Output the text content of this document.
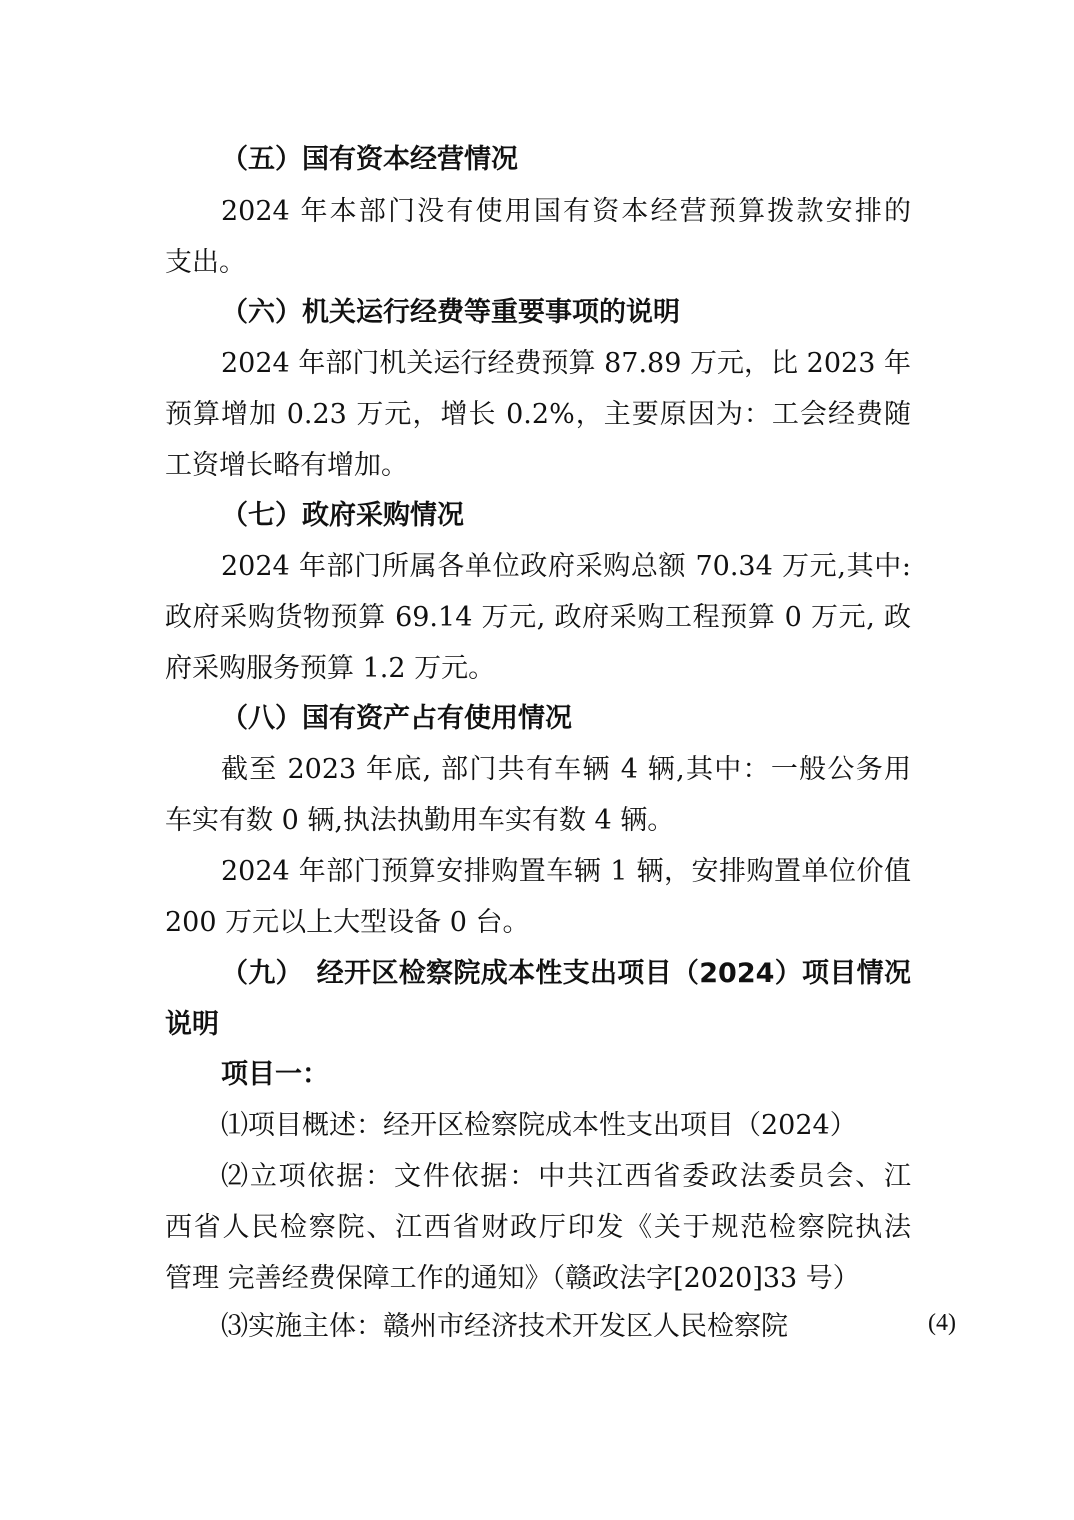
（五）国有资本经营情况
2024 年本部门没有使用国有资本经营预算拨款安排的
支出。
（六）机关运行经费等重要事项的说明
2024 年部门机关运行经费预算 87.89 万元，比 2023 年
预算增加 0.23 万元，增长 0.2%，主要原因为：工会经费随
工资增长略有增加。
（七）政府采购情况
2024 年部门所属各单位政府采购总额 70.34 万元,其中:
政府采购货物预算 69.14 万元, 政府采购工程预算 0 万元, 政
府采购服务预算 1.2 万元。
（八）国有资产占有使用情况
截至 2023 年底, 部门共有车辆 4 辆,其中：一般公务用
车实有数 0 辆,执法执勤用车实有数 4 辆。
2024 年部门预算安排购置车辆 1 辆，安排购置单位价值
200 万元以上大型设备 0 台。
（九）　经开区检察院成本性支出项目（2024）项目情况
说明
项目一：
⑴项目概述：经开区检察院成本性支出项目（2024）
⑵立项依据：文件依据：中共江西省委政法委员会、江
西省人民检察院、江西省财政厅印发《关于规范检察院执法
管理 完善经费保障工作的通知》（赣政法字[2020]33 号）
⑶实施主体：赣州市经济技术开发区人民检察院	(4)
